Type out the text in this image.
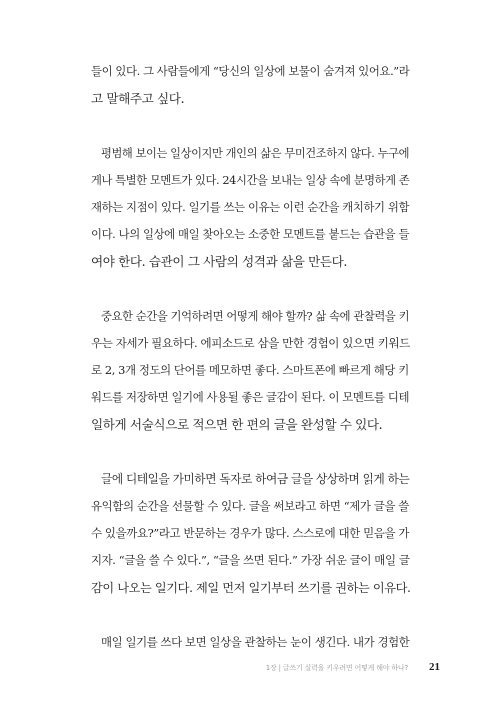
들이 있다. 그 사람들에게 “당신의 일상에 보물이 숨겨져 있어요.”라
고 말해주고 싶다.
평범해 보이는 일상이지만 개인의 삶은 무미건조하지 않다. 누구에
게나 특별한 모멘트가 있다. 24시간을 보내는 일상 속에 분명하게 존
재하는 지점이 있다. 일기를 쓰는 이유는 이런 순간을 캐치하기 위함
이다. 나의 일상에 매일 찾아오는 소중한 모멘트를 붙드는 습관을 들
여야 한다. 습관이 그 사람의 성격과 삶을 만든다.
중요한 순간을 기억하려면 어떻게 해야 할까? 삶 속에 관찰력을 키
우는 자세가 필요하다. 에피소드로 삼을 만한 경험이 있으면 키워드
로 2, 3개 정도의 단어를 메모하면 좋다. 스마트폰에 빠르게 해당 키
워드를 저장하면 일기에 사용될 좋은 글감이 된다. 이 모멘트를 디테
일하게 서술식으로 적으면 한 편의 글을 완성할 수 있다.
글에 디테일을 가미하면 독자로 하여금 글을 상상하며 읽게 하는
유익함의 순간을 선물할 수 있다. 글을 써보라고 하면 “제가 글을 쓸
수 있을까요?”라고 반문하는 경우가 많다. 스스로에 대한 믿음을 가
지자. “글을 쓸 수 있다.”, “글을 쓰면 된다.” 가장 쉬운 글이 매일 글
감이 나오는 일기다. 제일 먼저 일기부터 쓰기를 권하는 이유다.
매일 일기를 쓰다 보면 일상을 관찰하는 눈이 생긴다. 내가 경험한
1장 | 글쓰기 실력을 키우려면 어떻게 해야 하나? 21
